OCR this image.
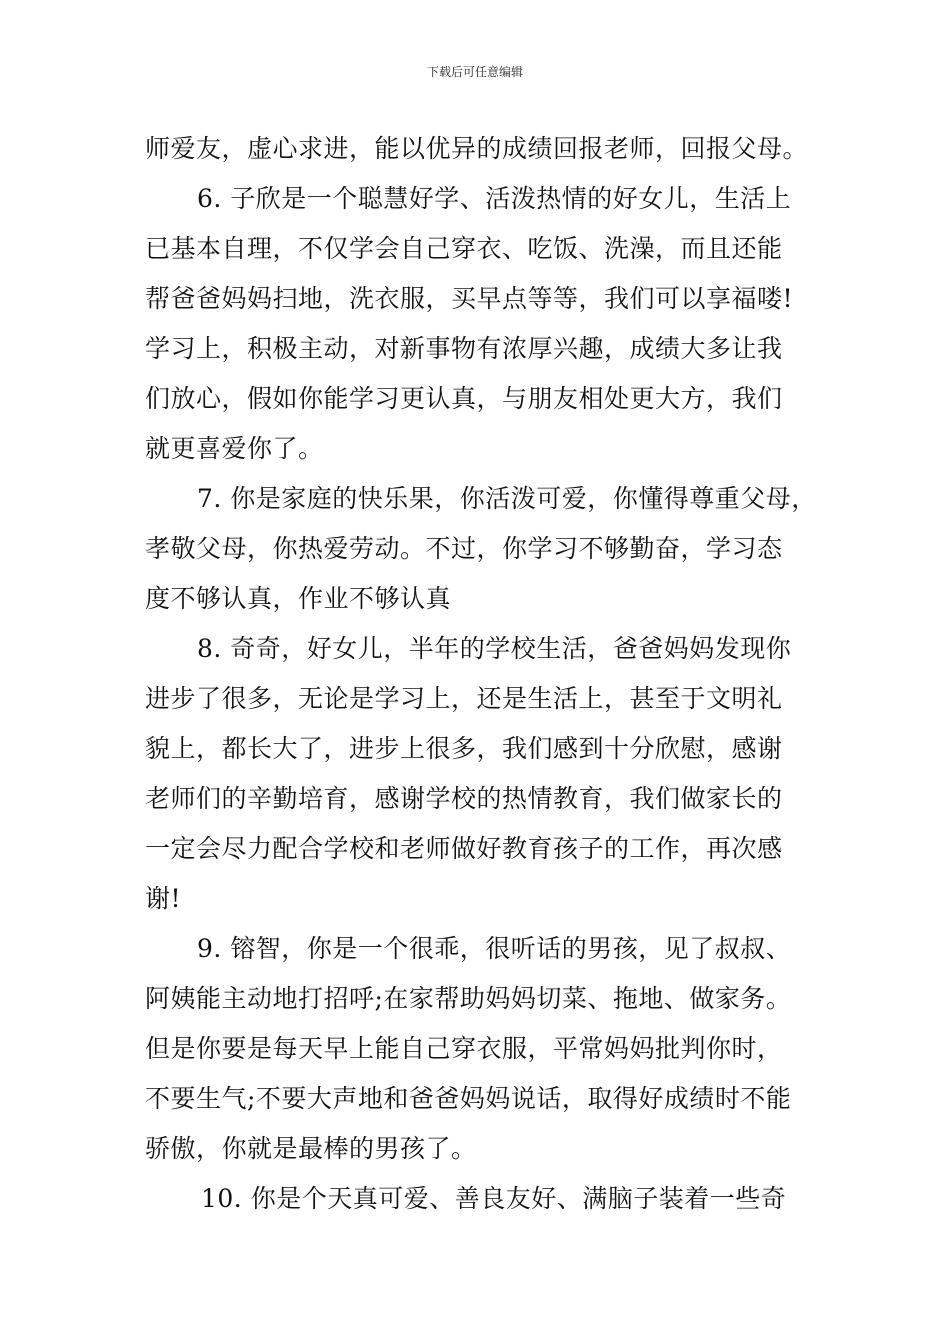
下载后可任意编辑
师爱友，虚心求进，能以优异的成绩回报老师，回报父母。
6. 子欣是一个聪慧好学、活泼热情的好女儿，生活上
已基本自理，不仅学会自己穿衣、吃饭、洗澡，而且还能
帮爸爸妈妈扫地，洗衣服，买早点等等，我们可以享福喽!
学习上，积极主动，对新事物有浓厚兴趣，成绩大多让我
们放心，假如你能学习更认真，与朋友相处更大方，我们
就更喜爱你了。
7. 你是家庭的快乐果，你活泼可爱，你懂得尊重父母，
孝敬父母，你热爱劳动。不过，你学习不够勤奋，学习态
度不够认真，作业不够认真
8. 奇奇，好女儿，半年的学校生活，爸爸妈妈发现你
进步了很多，无论是学习上，还是生活上，甚至于文明礼
貌上，都长大了，进步上很多，我们感到十分欣慰，感谢
老师们的辛勤培育，感谢学校的热情教育，我们做家长的
一定会尽力配合学校和老师做好教育孩子的工作，再次感
谢!
9. 镕智，你是一个很乖，很听话的男孩，见了叔叔、
阿姨能主动地打招呼;在家帮助妈妈切菜、拖地、做家务。
但是你要是每天早上能自己穿衣服，平常妈妈批判你时，
不要生气;不要大声地和爸爸妈妈说话，取得好成绩时不能
骄傲，你就是最棒的男孩了。
10. 你是个天真可爱、善良友好、满脑子装着一些奇
